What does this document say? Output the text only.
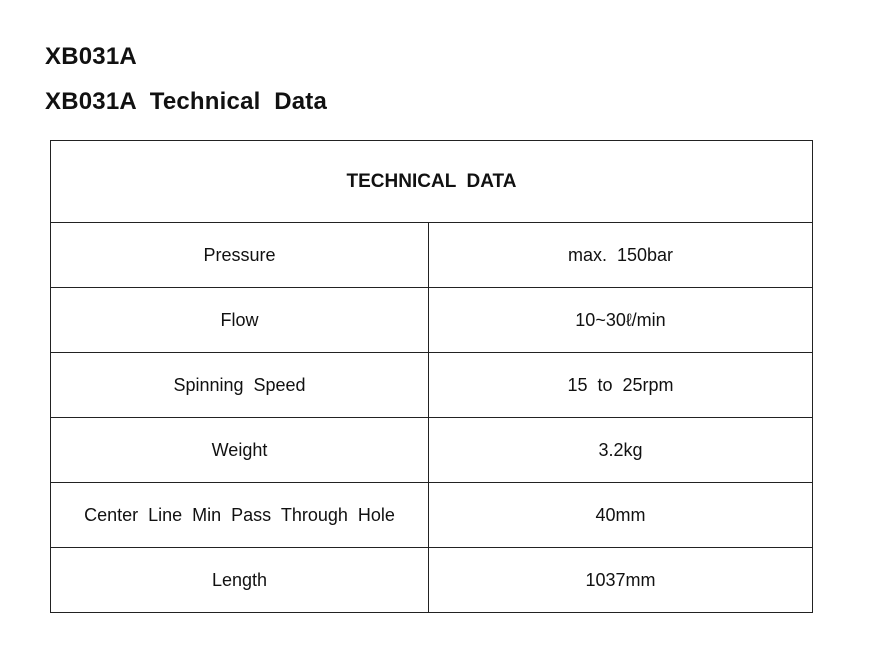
XB031A
XB031A  Technical  Data
TECHNICAL  DATA	
Pressure	max.  150bar
Flow	10~30ℓ/min
Spinning  Speed	15  to  25rpm
Weight	3.2kg
Center  Line  Min  Pass  Through  Hole	40mm
Length	1037mm
